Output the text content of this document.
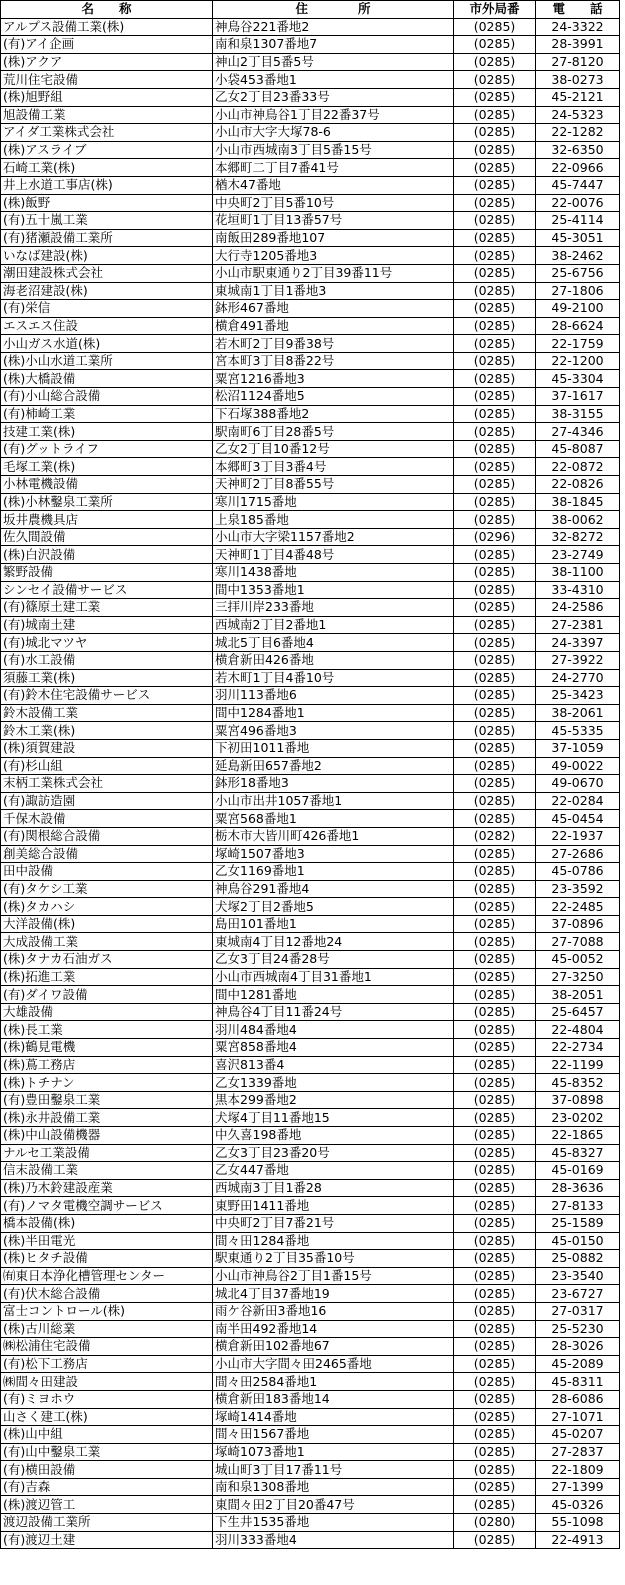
名　　称	住　　　　所	市外局番	電　　話
アルプス設備工業(株)	神鳥谷221番地2	(0285)	24-3322
(有)アイ企画	南和泉1307番地7	(0285)	28-3991
(株)アクア	神山2丁目5番5号	(0285)	27-8120
荒川住宅設備	小袋453番地1	(0285)	38-0273
(株)旭野組	乙女2丁目23番33号	(0285)	45-2121
旭設備工業	小山市神鳥谷1丁目22番37号	(0285)	24-5323
アイダ工業株式会社	小山市大字大塚78-6	(0285)	22-1282
(株)アスライブ	小山市西城南3丁目5番15号	(0285)	32-6350
石崎工業(株)	本郷町二丁目7番41号	(0285)	22-0966
井上水道工事店(株)	楢木47番地	(0285)	45-7447
(株)飯野	中央町2丁目5番10号	(0285)	22-0076
(有)五十嵐工業	花垣町1丁目13番57号	(0285)	25-4114
(有)猪瀬設備工業所	南飯田289番地107	(0285)	45-3051
いなば建設(株)	大行寺1205番地3	(0285)	38-2462
潮田建設株式会社	小山市駅東通り2丁目39番11号	(0285)	25-6756
海老沼建設(株)	東城南1丁目1番地3	(0285)	27-1806
(有)栄信	鉢形467番地	(0285)	49-2100
エスエス住設	横倉491番地	(0285)	28-6624
小山ガス水道(株)	若木町2丁目9番38号	(0285)	22-1759
(株)小山水道工業所	宮本町3丁目8番22号	(0285)	22-1200
(株)大橋設備	粟宮1216番地3	(0285)	45-3304
(有)小山総合設備	松沼1124番地5	(0285)	37-1617
(有)柿崎工業	下石塚388番地2	(0285)	38-3155
技建工業(株)	駅南町6丁目28番5号	(0285)	27-4346
(有)グットライフ	乙女2丁目10番12号	(0285)	45-8087
毛塚工業(株)	本郷町3丁目3番4号	(0285)	22-0872
小林電機設備	天神町2丁目8番55号	(0285)	22-0826
(株)小林鑿泉工業所	寒川1715番地	(0285)	38-1845
坂井農機具店	上泉185番地	(0285)	38-0062
佐久間設備	小山市大字梁1157番地2	(0296)	32-8272
(株)白沢設備	天神町1丁目4番48号	(0285)	23-2749
繁野設備	寒川1438番地	(0285)	38-1100
シンセイ設備サービス	間中1353番地1	(0285)	33-4310
(有)篠原土建工業	三拝川岸233番地	(0285)	24-2586
(有)城南土建	西城南2丁目2番地1	(0285)	27-2381
(有)城北マツヤ	城北5丁目6番地4	(0285)	24-3397
(有)水工設備	横倉新田426番地	(0285)	27-3922
須藤工業(株)	若木町1丁目4番10号	(0285)	24-2770
(有)鈴木住宅設備サービス	羽川113番地6	(0285)	25-3423
鈴木設備工業	間中1284番地1	(0285)	38-2061
鈴木工業(株)	粟宮496番地3	(0285)	45-5335
(株)須賀建設	下初田1011番地	(0285)	37-1059
(有)杉山組	延島新田657番地2	(0285)	49-0022
末柄工業株式会社	鉢形18番地3	(0285)	49-0670
(有)諏訪造園	小山市出井1057番地1	(0285)	22-0284
千保木設備	粟宮568番地1	(0285)	45-0454
(有)関根総合設備	栃木市大皆川町426番地1	(0282)	22-1937
創美総合設備	塚崎1507番地3	(0285)	27-2686
田中設備	乙女1169番地1	(0285)	45-0786
(有)タケシ工業	神鳥谷291番地4	(0285)	23-3592
(株)タカハシ	犬塚2丁目2番地5	(0285)	22-2485
大洋設備(株)	島田101番地1	(0285)	37-0896
大成設備工業	東城南4丁目12番地24	(0285)	27-7088
(株)タナカ石油ガス	乙女3丁目24番28号	(0285)	45-0052
(株)拓進工業	小山市西城南4丁目31番地1	(0285)	27-3250
(有)ダイワ設備	間中1281番地	(0285)	38-2051
大雄設備	神鳥谷4丁目11番24号	(0285)	25-6457
(株)長工業	羽川484番地4	(0285)	22-4804
(株)鶴見電機	粟宮858番地4	(0285)	22-2734
(株)蔦工務店	喜沢813番4	(0285)	22-1199
(株)トチナン	乙女1339番地	(0285)	45-8352
(有)豊田鑿泉工業	黒本299番地2	(0285)	37-0898
(株)永井設備工業	犬塚4丁目11番地15	(0285)	23-0202
(株)中山設備機器	中久喜198番地	(0285)	22-1865
ナルセ工業設備	乙女3丁目23番20号	(0285)	45-8327
信末設備工業	乙女447番地	(0285)	45-0169
(株)乃木鈴建設産業	西城南3丁目1番28	(0285)	28-3636
(有)ノマタ電機空調サービス	東野田1411番地	(0285)	27-8133
橋本設備(株)	中央町2丁目7番21号	(0285)	25-1589
(株)半田電光	間々田1284番地	(0285)	45-0150
(株)ヒタチ設備	駅東通り2丁目35番10号	(0285)	25-0882
㈲東日本浄化槽管理センター	小山市神鳥谷2丁目1番15号	(0285)	23-3540
(有)伏木総合設備	城北4丁目37番地19	(0285)	23-6727
富士コントロール(株)	雨ケ谷新田3番地16	(0285)	27-0317
(株)古川総業	南半田492番地14	(0285)	25-5230
㈱松浦住宅設備	横倉新田102番地67	(0285)	28-3026
(有)松下工務店	小山市大字間々田2465番地	(0285)	45-2089
㈱間々田建設	間々田2584番地1	(0285)	45-8311
(有)ミヨホウ	横倉新田183番地14	(0285)	28-6086
山さく建工(株)	塚崎1414番地	(0285)	27-1071
(株)山中組	間々田1567番地	(0285)	45-0207
(有)山中鑿泉工業	塚崎1073番地1	(0285)	27-2837
(有)横田設備	城山町3丁目17番11号	(0285)	22-1809
(有)吉森	南和泉1308番地	(0285)	27-1399
(株)渡辺管工	東間々田2丁目20番47号	(0285)	45-0326
渡辺設備工業所	下生井1535番地	(0280)	55-1098
(有)渡辺土建	羽川333番地4	(0285)	22-4913
